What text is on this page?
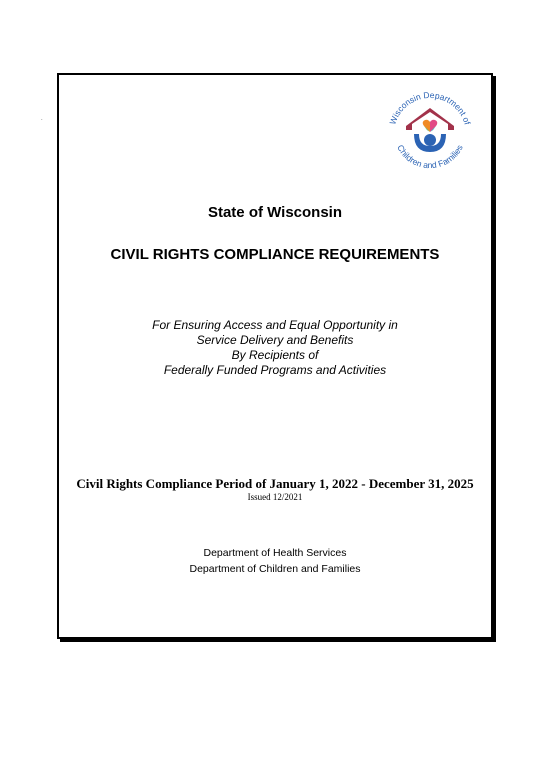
.	Wisconsin Department of
Children and Families
State of Wisconsin
CIVIL RIGHTS COMPLIANCE REQUIREMENTS
For Ensuring Access and Equal Opportunity in
Service Delivery and Benefits
By Recipients of
Federally Funded Programs and Activities
Civil Rights Compliance Period of January 1, 2022 - December 31, 2025
Issued 12/2021
Department of Health Services
Department of Children and Families
